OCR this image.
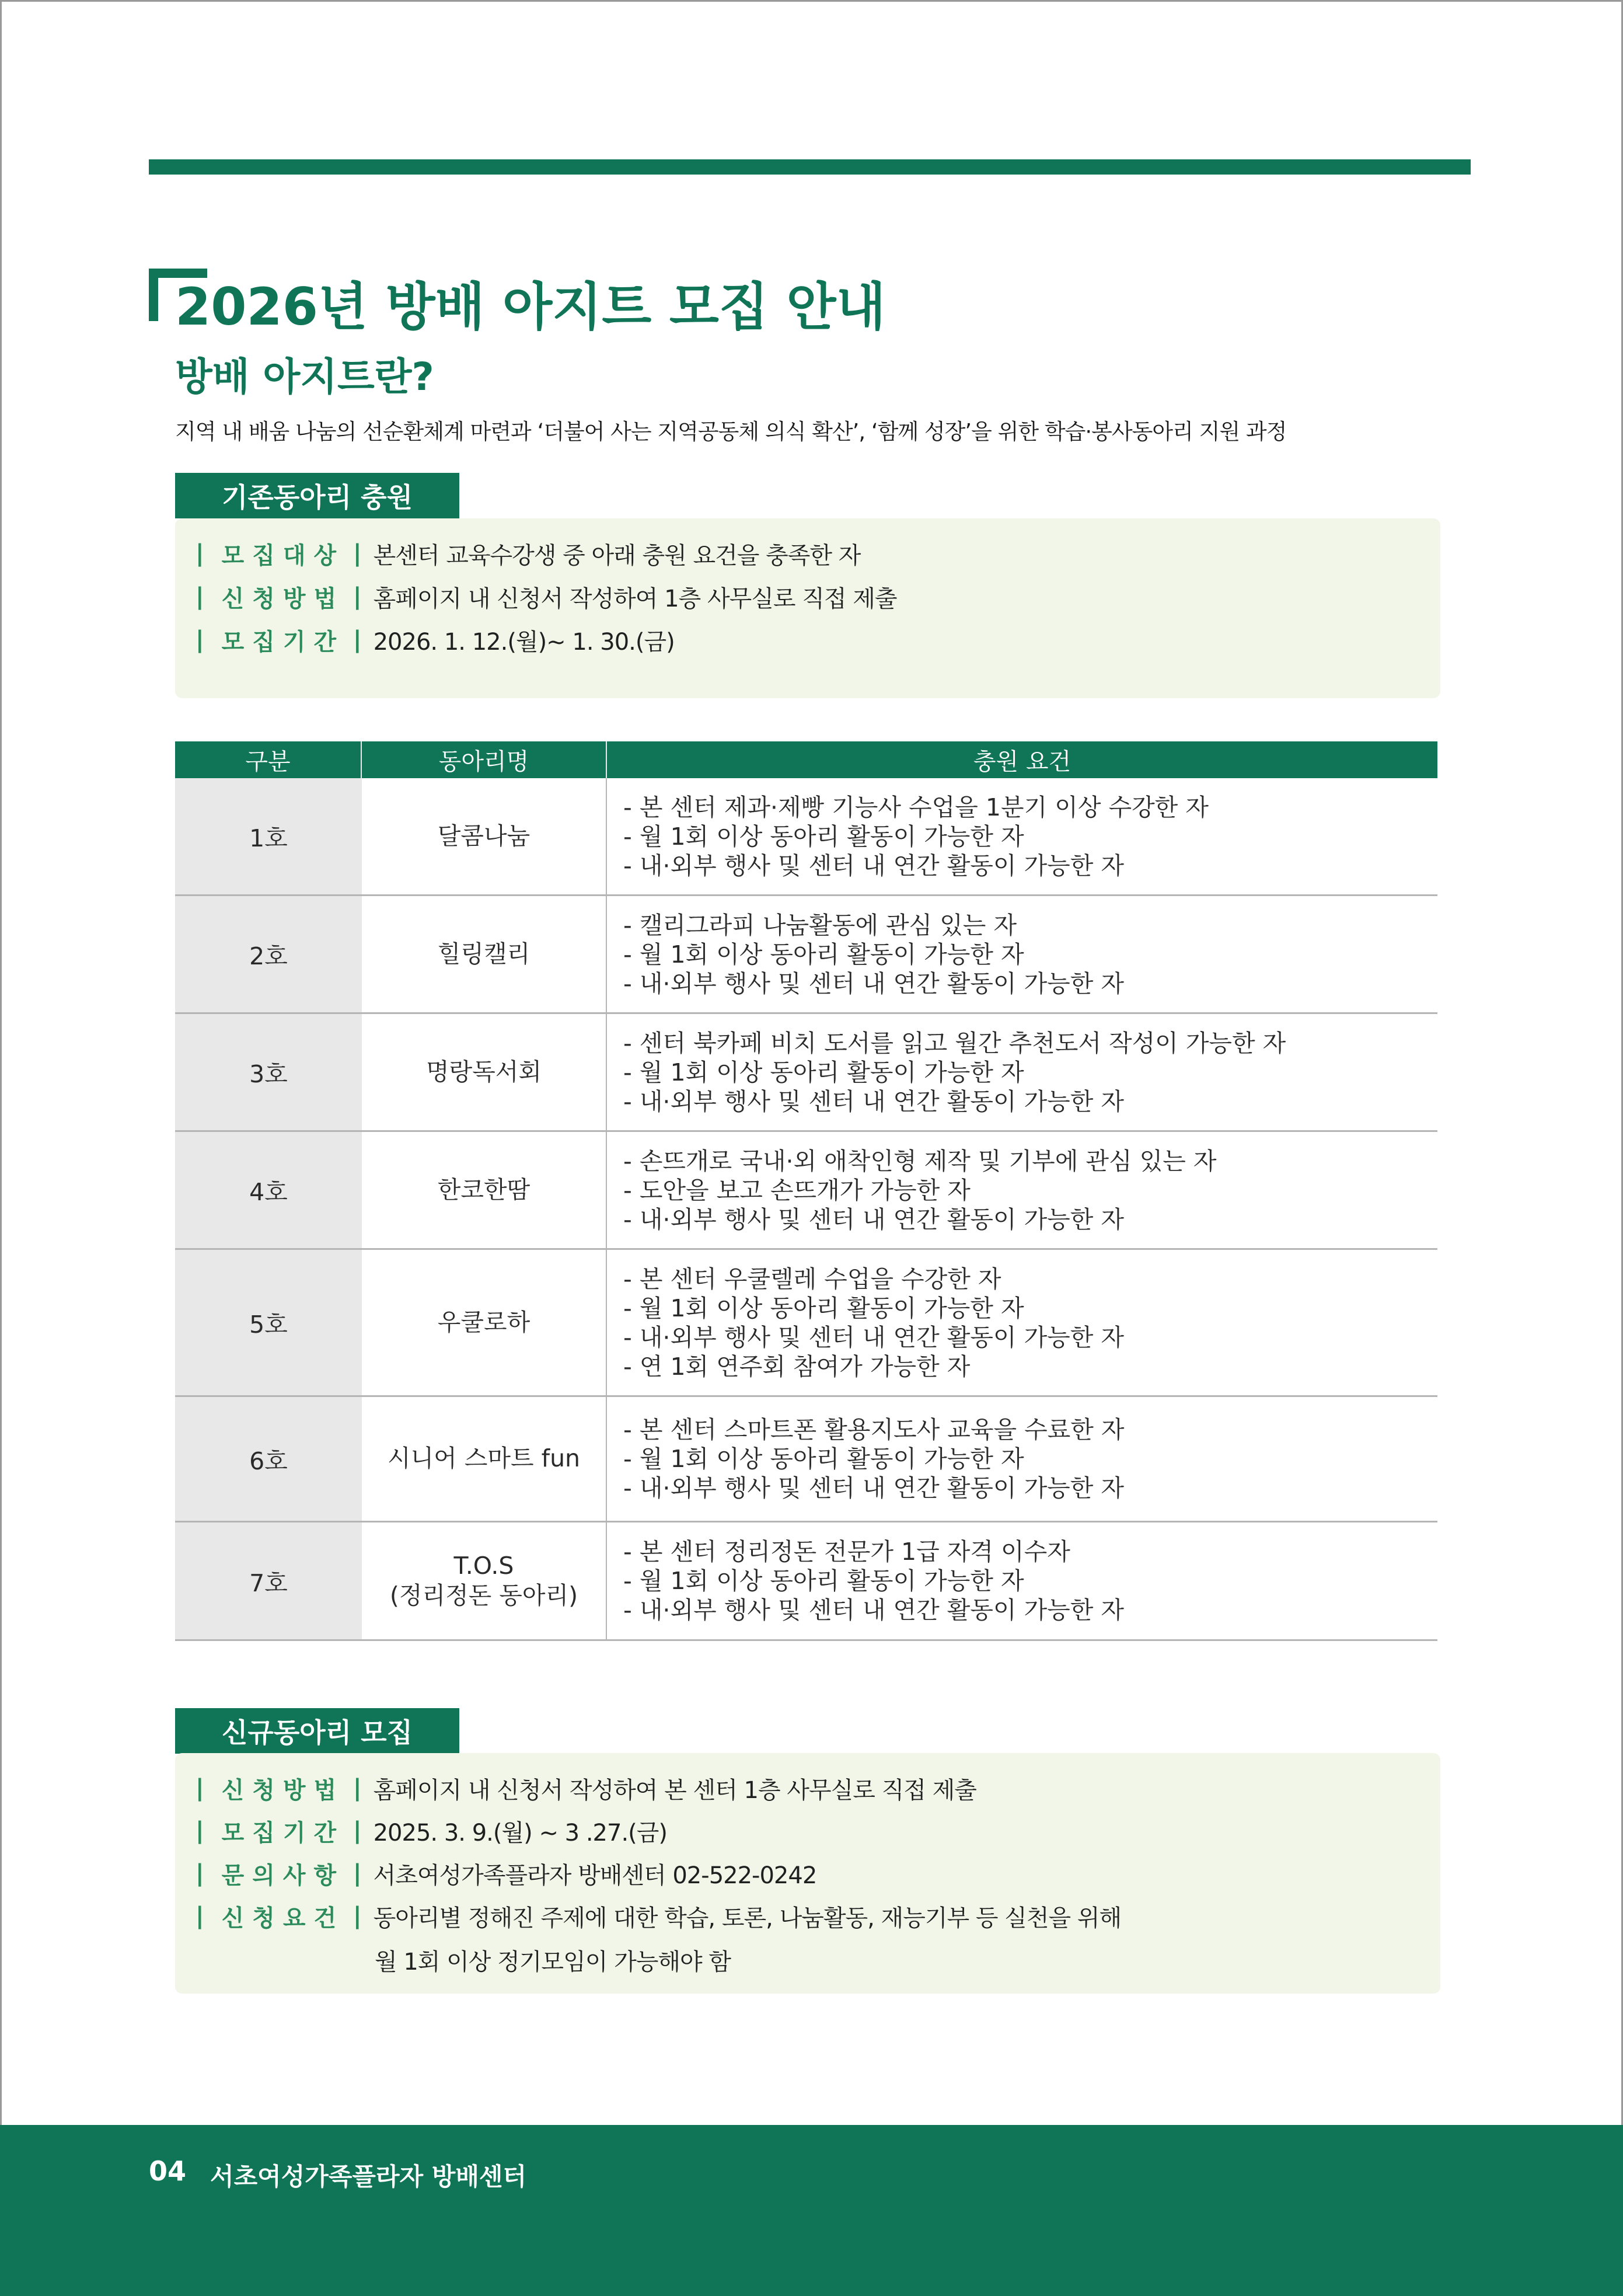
2026년 방배 아지트 모집 안내
방배 아지트란?

지역 내 배움 나눔의 선순환체계 마련과 ‘더불어 사는 지역공동체 의식 확산’, ‘함께 성장’을 위한 학습·봉사동아리 지원 과정

기존동아리 충원
| 모집대상 | 본센터 교육수강생 중 아래 충원 요건을 충족한 자
| 신청방법 | 홈페이지 내 신청서 작성하여 1층 사무실로 직접 제출
| 모집기간 | 2026. 1. 12.(월)~ 1. 30.(금)
구분	동아리명	충원 요건
1호	달콤나눔
- 본 센터 제과·제빵 기능사 수업을 1분기 이상 수강한 자
- 월 1회 이상 동아리 활동이 가능한 자
- 내·외부 행사 및 센터 내 연간 활동이 가능한 자
2호	힐링캘리
- 캘리그라피 나눔활동에 관심 있는 자
- 월 1회 이상 동아리 활동이 가능한 자
- 내·외부 행사 및 센터 내 연간 활동이 가능한 자
3호	명랑독서회
- 센터 북카페 비치 도서를 읽고 월간 추천도서 작성이 가능한 자
- 월 1회 이상 동아리 활동이 가능한 자
- 내·외부 행사 및 센터 내 연간 활동이 가능한 자
4호	한코한땀
- 손뜨개로 국내·외 애착인형 제작 및 기부에 관심 있는 자
- 도안을 보고 손뜨개가 가능한 자
- 내·외부 행사 및 센터 내 연간 활동이 가능한 자
5호	우쿨로하
- 본 센터 우쿨렐레 수업을 수강한 자
- 월 1회 이상 동아리 활동이 가능한 자
- 내·외부 행사 및 센터 내 연간 활동이 가능한 자
- 연 1회 연주회 참여가 가능한 자
6호	시니어 스마트 fun
- 본 센터 스마트폰 활용지도사 교육을 수료한 자
- 월 1회 이상 동아리 활동이 가능한 자
- 내·외부 행사 및 센터 내 연간 활동이 가능한 자
7호
T.O.S
(정리정돈 동아리)
- 본 센터 정리정돈 전문가 1급 자격 이수자
- 월 1회 이상 동아리 활동이 가능한 자
- 내·외부 행사 및 센터 내 연간 활동이 가능한 자
신규동아리 모집
| 신청방법 | 홈페이지 내 신청서 작성하여 본 센터 1층 사무실로 직접 제출
| 모집기간 | 2025. 3. 9.(월) ~ 3 .27.(금)
| 문의사항 | 서초여성가족플라자 방배센터 02-522-0242
| 신청요건 | 동아리별 정해진 주제에 대한 학습, 토론, 나눔활동, 재능기부 등 실천을 위해
월 1회 이상 정기모임이 가능해야 함
04 서초여성가족플라자 방배센터
